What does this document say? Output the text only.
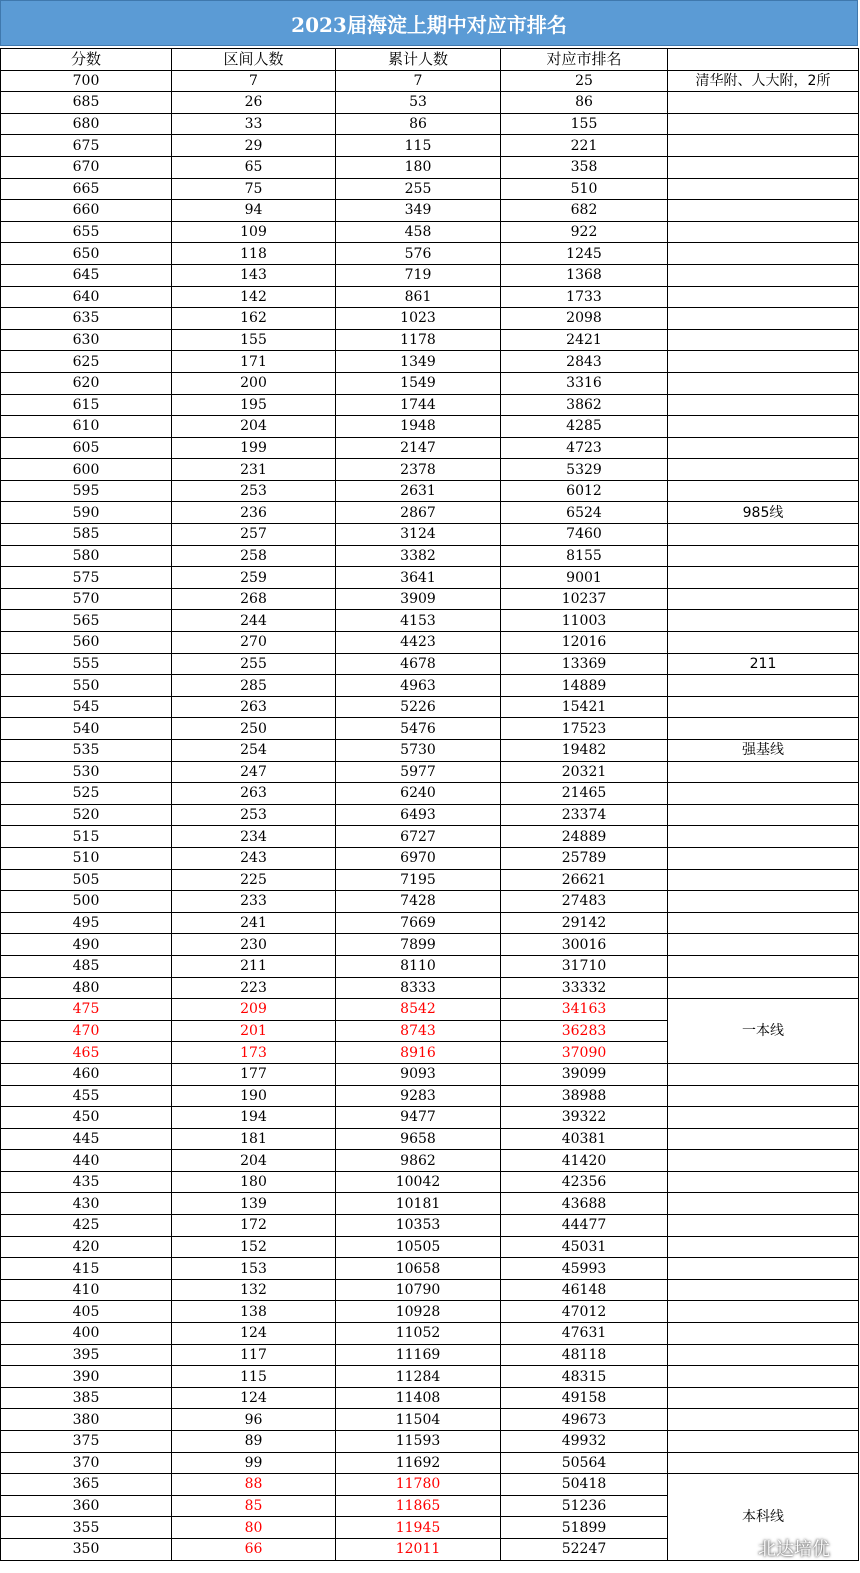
2023届海淀上期中对应市排名
分数	区间人数	累计人数	对应市排名	
700	7	7	25	清华附、人大附，2所
685	26	53	86	
680	33	86	155	
675	29	115	221	
670	65	180	358	
665	75	255	510	
660	94	349	682	
655	109	458	922	
650	118	576	1245	
645	143	719	1368	
640	142	861	1733	
635	162	1023	2098	
630	155	1178	2421	
625	171	1349	2843	
620	200	1549	3316	
615	195	1744	3862	
610	204	1948	4285	
605	199	2147	4723	
600	231	2378	5329	
595	253	2631	6012	
590	236	2867	6524	985线
585	257	3124	7460	
580	258	3382	8155	
575	259	3641	9001	
570	268	3909	10237	
565	244	4153	11003	
560	270	4423	12016	
555	255	4678	13369	211
550	285	4963	14889	
545	263	5226	15421	
540	250	5476	17523	
535	254	5730	19482	强基线
530	247	5977	20321	
525	263	6240	21465	
520	253	6493	23374	
515	234	6727	24889	
510	243	6970	25789	
505	225	7195	26621	
500	233	7428	27483	
495	241	7669	29142	
490	230	7899	30016	
485	211	8110	31710	
480	223	8333	33332	
475	209	8542	34163	一本线
470	201	8743	36283	
465	173	8916	37090	
460	177	9093	39099	
455	190	9283	38988	
450	194	9477	39322	
445	181	9658	40381	
440	204	9862	41420	
435	180	10042	42356	
430	139	10181	43688	
425	172	10353	44477	
420	152	10505	45031	
415	153	10658	45993	
410	132	10790	46148	
405	138	10928	47012	
400	124	11052	47631	
395	117	11169	48118	
390	115	11284	48315	
385	124	11408	49158	
380	96	11504	49673	
375	89	11593	49932	
370	99	11692	50564	
365	88	11780	50418	本科线
360	85	11865	51236	
355	80	11945	51899	
350	66	12011	52247		北达培优
